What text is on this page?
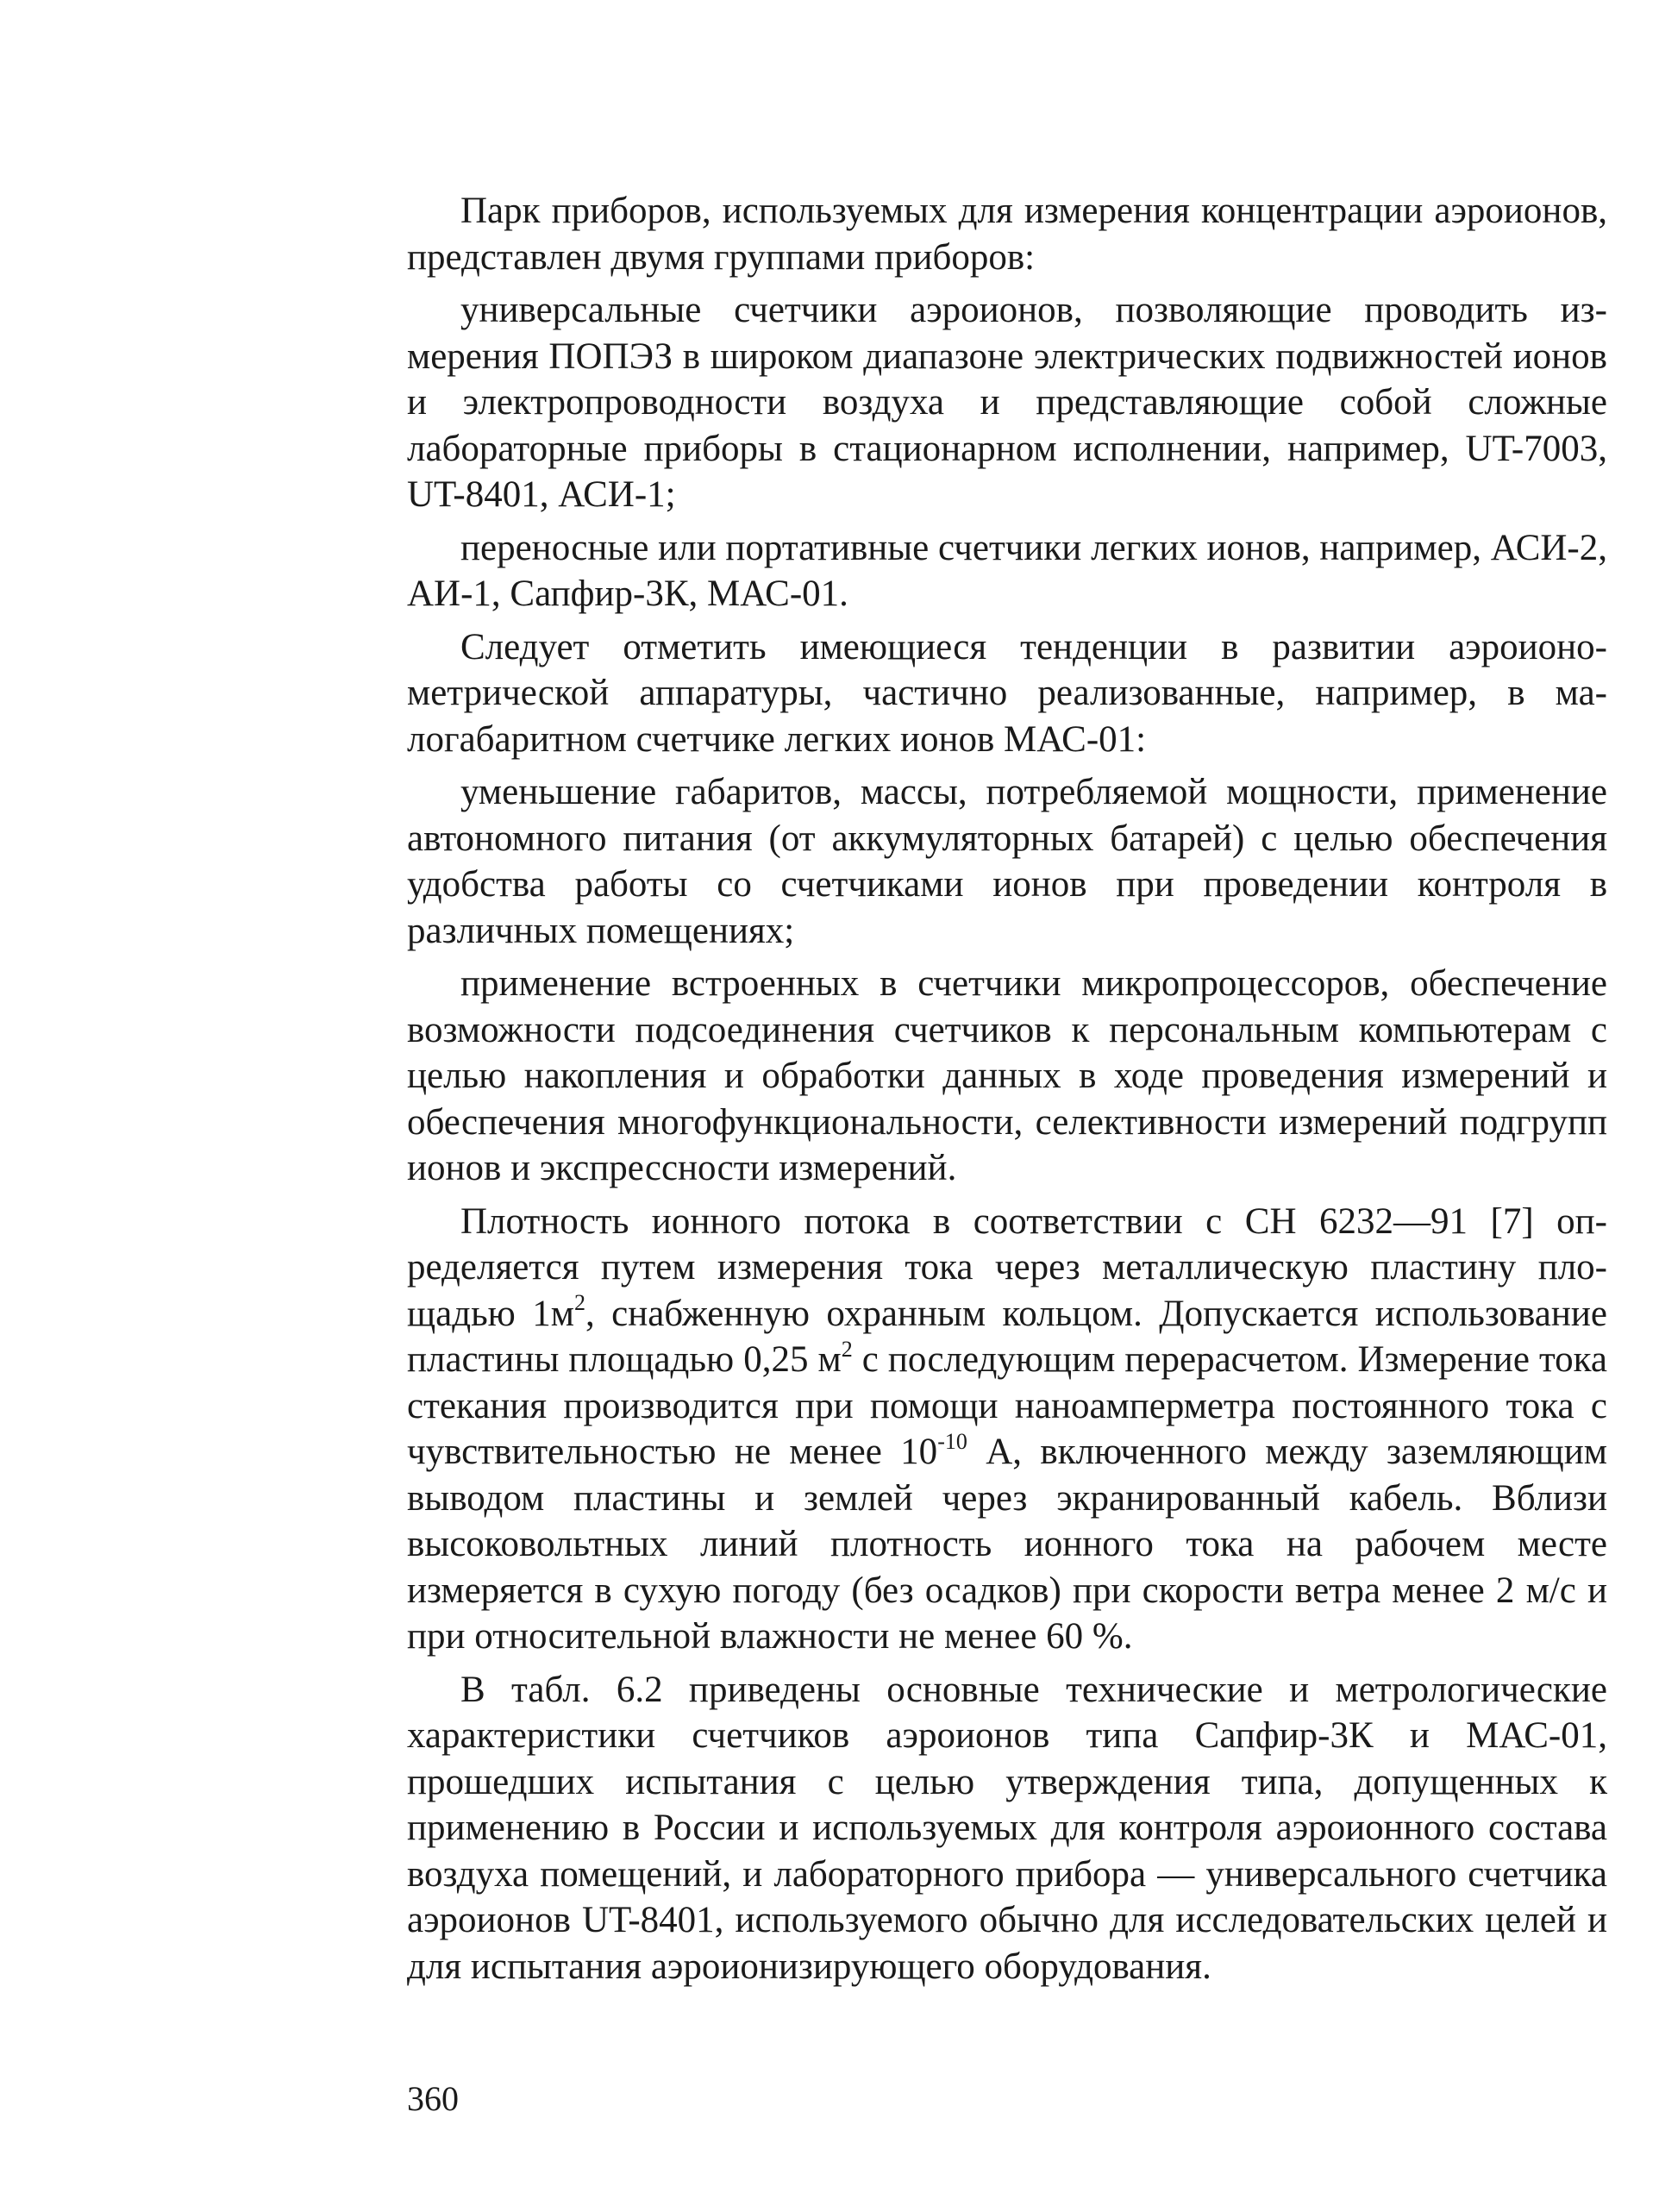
Парк приборов, используемых для измерения концентрации аэроионов, представлен двумя группами приборов:

универсальные счетчики аэроионов, позволяющие проводить измерения ПОПЭЗ в широком диапазоне электрических подвижностей ионов и электропроводности воздуха и представляющие собой сложные лабораторные приборы в стационарном исполнении, например, UT-7003, UT-8401, АСИ-1;

переносные или портативные счетчики легких ионов, например, АСИ-2, АИ-1, Сапфир-3К, МАС-01.

Следует отметить имеющиеся тенденции в развитии аэроионометрической аппаратуры, частично реализованные, например, в малогабаритном счетчике легких ионов МАС-01:

уменьшение габаритов, массы, потребляемой мощности, применение автономного питания (от аккумуляторных батарей) с целью обеспечения удобства работы со счетчиками ионов при проведении контроля в различных помещениях;

применение встроенных в счетчики микропроцессоров, обеспечение возможности подсоединения счетчиков к персональным компьютерам с целью накопления и обработки данных в ходе проведения измерений и обеспечения многофункциональности, селективности измерений подгрупп ионов и экспрессности измерений.

Плотность ионного потока в соответствии с СН 6232—91 [7] определяется путем измерения тока через металлическую пластину площадью $1м^2$, снабженную охранным кольцом. Допускается использование пластины площадью 0,25 $м^2$ с последующим перерасчетом. Измерение тока стекания производится при помощи наноамперметра постоянного тока с чувствительностью не менее $10^{-10}$ А, включенного между заземляющим выводом пластины и землей через экранированный кабель. Вблизи высоковольтных линий плотность ионного тока на рабочем месте измеряется в сухую погоду (без осадков) при скорости ветра менее 2 м/с и при относительной влажности не менее 60 %.

В табл. 6.2 приведены основные технические и метрологические характеристики счетчиков аэроионов типа Сапфир-3К и МАС-01, прошедших испытания с целью утверждения типа, допущенных к применению в России и используемых для контроля аэроионного состава воздуха помещений, и лабораторного прибора — универсального счетчика аэроионов UT-8401, используемого обычно для исследовательских целей и для испытания аэроионизирующего оборудования.

360
